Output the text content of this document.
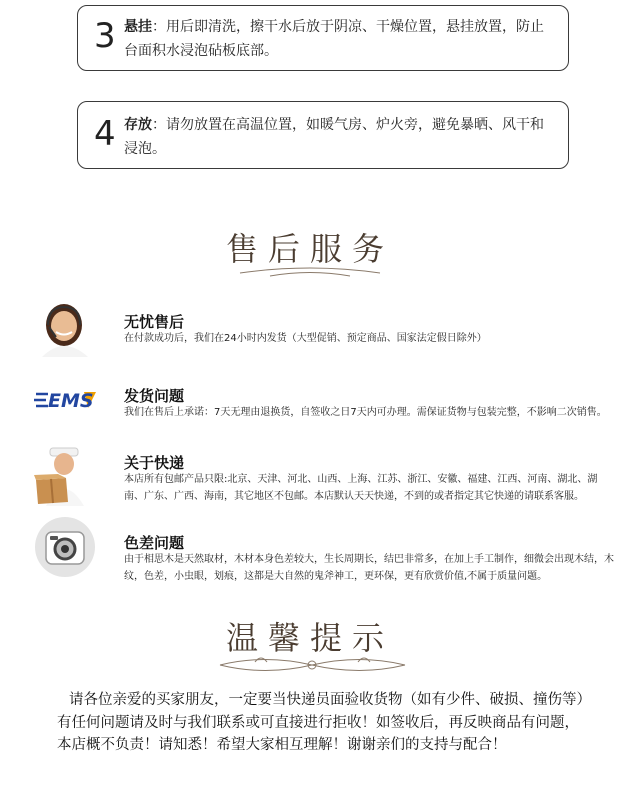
3 悬挂：用后即清洗，擦干水后放于阴凉、干燥位置，悬挂放置，防止台面积水浸泡砧板底部。
4 存放：请勿放置在高温位置，如暖气房、炉火旁，避免暴晒、风干和浸泡。
售后服务
无忧售后
在付款成功后，我们在24小时内发货（大型促销、预定商品、国家法定假日除外）
EMS 发货问题
我们在售后上承诺：7天无理由退换货，自签收之日7天内可办理。需保证货物与包装完整，不影响二次销售。
关于快递
本店所有包邮产品只限:北京、天津、河北、山西、上海、江苏、浙江、安徽、福建、江西、河南、湖北、湖南、广东、广西、海南，其它地区不包邮。本店默认天天快递，不到的或者指定其它快递的请联系客服。
色差问题
由于相思木是天然取材，木材本身色差较大，生长周期长，结巴非常多，在加上手工制作，细微会出现木结，木纹，色差，小虫眼，划痕，这都是大自然的鬼斧神工，更环保，更有欣赏价值,不属于质量问题。
温馨提示
请各位亲爱的买家朋友，一定要当快递员面验收货物（如有少件、破损、撞伤等）有任何问题请及时与我们联系或可直接进行拒收！如签收后，再反映商品有问题，本店概不负责！请知悉！希望大家相互理解！谢谢亲们的支持与配合！
